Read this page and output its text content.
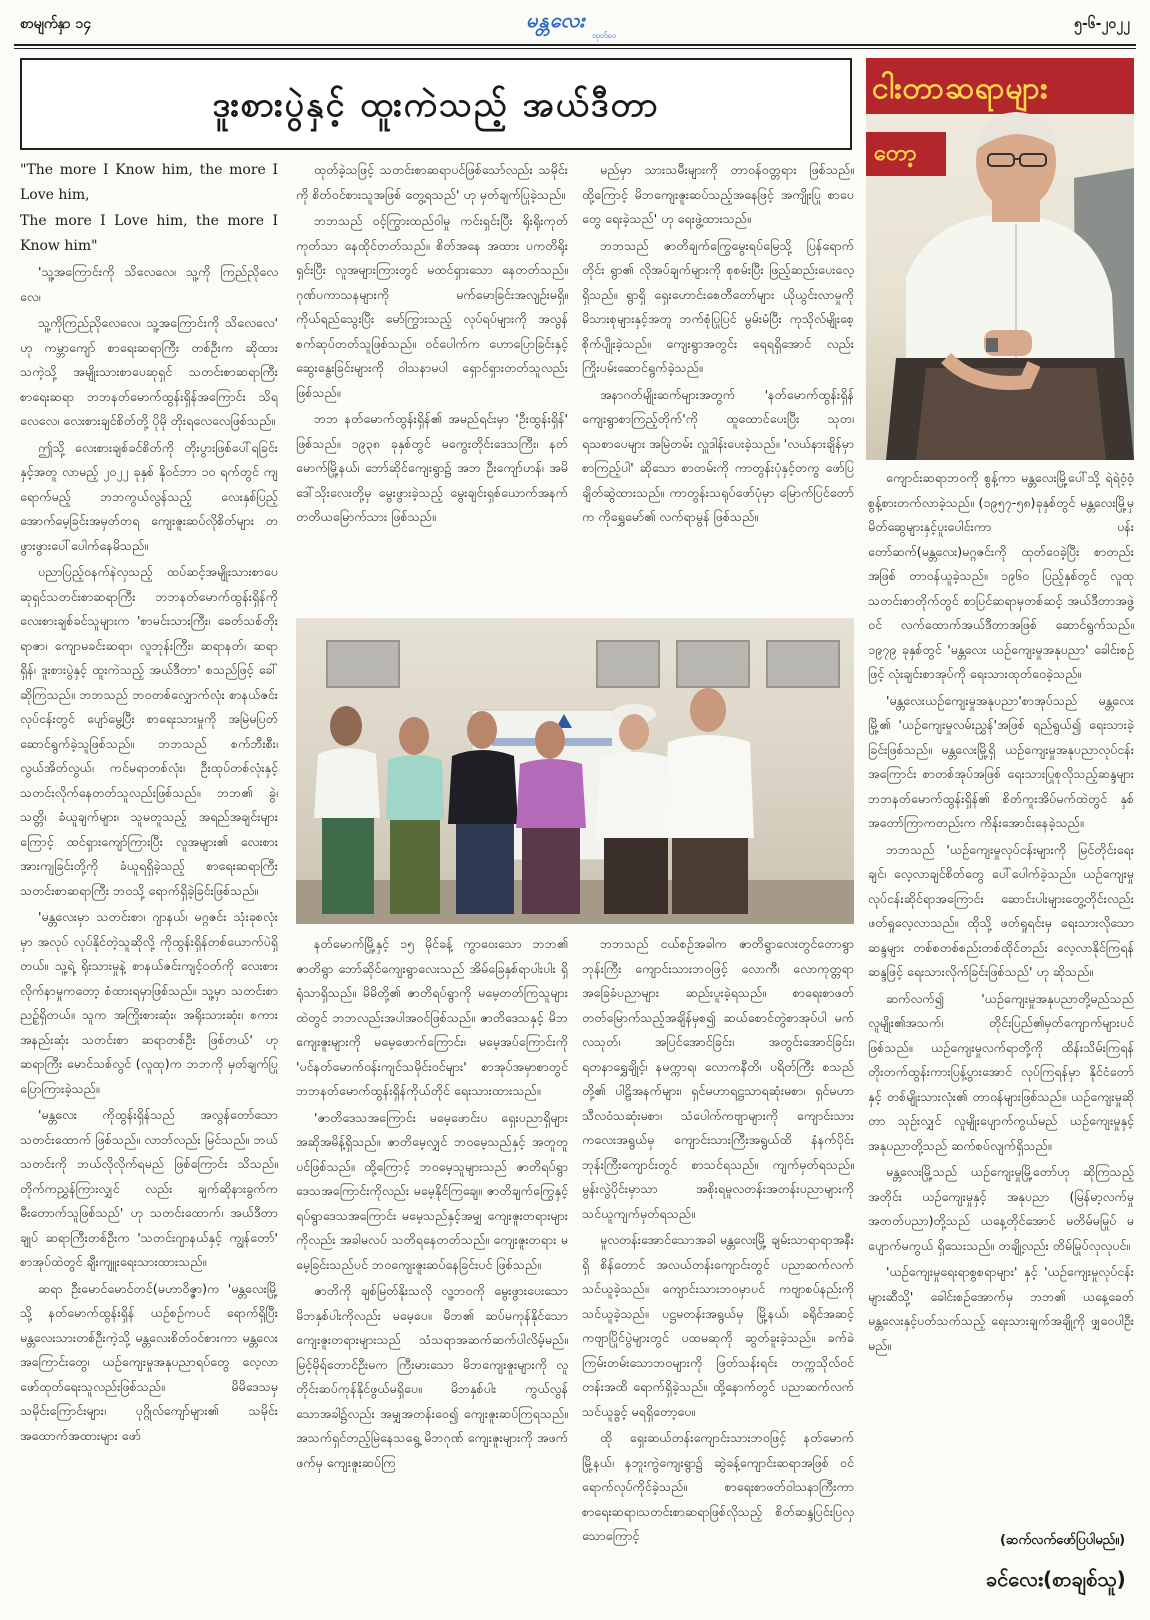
စာမျက်နှာ ၁၄	မန္တလေး
ထုတ်ဝေ
၅-၆-၂၀၂၂
ဒူးစားပွဲနှင့် ထူးကဲသည့် အယ်ဒီတာ	ငါးတာဆရာများ
တော့

"The more I Know him, the more I Love him,

The more I Love him, the more I Know him"

'သူ့အကြောင်းကို သိလေလေ၊ သူ့ကို ကြည်ညိုလေလေ၊

သူ့ကိုကြည်ညိုလေလေ၊ သူ့အကြောင်းကို သိလေလေ' ဟု ကမ္ဘာကျော် စာရေးဆရာကြီး တစ်ဦးက ဆိုထားသကဲ့သို့ အမျိုးသားစာပေဆုရှင် သတင်းစာဆရာကြီးစာရေးဆရာ ဘဘနတ်မောက်ထွန်းရှိန်အကြောင်း သိရလေလေ၊ လေးစားချင်စိတ်တို့ ပိုမို တိုးရလေလေဖြစ်သည်။

ဤသို့ လေးစားချစ်ခင်စိတ်ကို တိုးပွားဖြစ်ပေါ်ရခြင်းနှင့်အတူ လာမည့် ၂၀၂၂ ခုနှစ် နိုဝင်ဘာ ၁၀ ရက်တွင် ကျရောက်မည့် ဘဘကွယ်လွန်သည့် လေးနှစ်ပြည့် အောက်မေ့ခြင်းအမှတ်တရ ကျေးဇူးဆပ်လိုစိတ်များ တဖွားဖွားပေါ်ပေါက်နေမိသည်။

ပညာပြည့်ဝနက်နဲလှသည့် ထပ်ဆင့်အမျိုးသားစာပေဆုရှင်သတင်းစာဆရာကြီး ဘဘနတ်မောက်ထွန်းရှိန်ကို လေးစားချစ်ခင်သူများက 'စာမင်းသားကြီး၊ ခေတ်သစ်တိုးရာဇာ၊ ကျောမခင်းဆရာ၊ လူဘုန်းကြီး၊ ဆရာနတ်၊ ဆရာရှိန်၊ ဒူးစားပွဲနှင့် ထူးကဲသည့် အယ်ဒီတာ' စသည်ဖြင့် ခေါ်ဆိုကြသည်။ ဘဘသည် ဘဝတစ်လျှောက်လုံး စာနယ်ဇင်းလုပ်ငန်းတွင် ပျော်မွေ့ပြီး စာရေးသားမှုကို အမြဲမပြတ် ဆောင်ရွက်ခဲ့သူဖြစ်သည်။ ဘဘသည် စက်ဘီးစီး၊ လွယ်အိတ်လွယ်၊ ကင်မရာတစ်လုံး၊ ဦးထုပ်တစ်လုံးနှင့် သတင်းလိုက်နေတတ်သူလည်းဖြစ်သည်။ ဘဘ၏ ခွဲ၊ သတ္တိ၊ ခံယူချက်များ၊ သူမတူသည့် အရည်အချင်းများကြောင့် ထင်ရှားကျော်ကြားပြီး လူအများ၏ လေးစားအားကျခြင်းတို့ကို ခံယူရရှိခဲ့သည့် စာရေးဆရာကြီးသတင်းစာဆရာကြီး ဘဝသို့ ရောက်ရှိခဲ့ခြင်းဖြစ်သည်။

'မန္တလေးမှာ သတင်းစာ၊ ဂျာနယ်၊ မဂ္ဂဇင်း သုံးခုစလုံးမှာ အလုပ် လုပ်နိုင်တဲ့သူဆိုလို့ ကိုထွန်းရှိန်တစ်ယောက်ပဲရှိတယ်။ သူ့ရဲ့ ရိုးသားမှုနဲ့ စာနယ်ဇင်းကျင့်ဝတ်ကို လေးစားလိုက်နာမှုကတော့ စံထားရမှာဖြစ်သည်။ သူ့မှာ သတင်းစာညဉ့်ရှိတယ်။ သူက အကြိုးစားဆုံး၊ အရိုးသားဆုံး၊ စကားအနည်းဆုံး သတင်းစာ ဆရာတစ်ဦး ဖြစ်တယ်' ဟု ဆရာကြီး မောင်သစ်လွင် (လူထု)က ဘဘကို မှတ်ချက်ပြုပြောကြားခဲ့သည်။

'မန္တလေး ကိုထွန်းရှိန်သည် အလွန်တော်သော သတင်းထောက် ဖြစ်သည်။ လာဘ်လည်း မြင်သည်။ ဘယ်သတင်းကို ဘယ်လိုလိုက်ရမည် ဖြစ်ကြောင်း သိသည်။ တိုက်ကညွှန်ကြားလျှင် လည်း ချက်ဆိုနားခွက်က မီးတောက်သူဖြစ်သည်' ဟု သတင်းထောက်၊ အယ်ဒီတာချုပ် ဆရာကြီးတစ်ဦးက 'သတင်းဂျာနယ်နှင့် ကျွန်တော်' စာအုပ်ထဲတွင် ချီးကျူးရေးသားထားသည်။

ဆရာ ဦးမောင်မောင်တင်(မဟာဝိဇ္ဇာ)က 'မန္တလေးမြို့သို့ နတ်မောက်ထွန်းရှိန် ယဉ်စဉ်ကပင် ရောက်ရှိပြီး မန္တလေးသားတစ်ဦးကဲ့သို့ မန္တလေးစိတ်ဝင်စားကာ မန္တလေးအကြောင်းတွေ၊ ယဉ်ကျေးမှုအနုပညာရပ်တွေ လေ့လာဖော်ထုတ်ရေးသူလည်းဖြစ်သည်။ မိမိဒေသမှ သမိုင်းကြောင်းများ၊ ပုဂ္ဂိုလ်ကျော်များ၏ သမိုင်းအထောက်အထားများ ဖော်

ထုတ်ခဲ့သဖြင့် သတင်းစာဆရာပင်ဖြစ်သော်လည်း သမိုင်းကို စိတ်ဝင်စားသူအဖြစ် တွေ့ရသည်' ဟု မှတ်ချက်ပြုခဲ့သည်။

ဘဘသည် ဝင့်ကြွားထည်ဝါမှု ကင်းရှင်းပြီး ရိုးရိုးကုတ်ကုတ်သာ နေထိုင်တတ်သည်။ စိတ်အနေ အထား ပကတိရိုးရှင်းပြီး လူအများကြားတွင် မထင်ရှားသော နေတတ်သည်။ ဂုဏ်ပကာသနများကို မက်မောခြင်းအလျဉ်းမရှိ။ ကိုယ်ရည်သွေးပြီး မော်ကြွားသည့် လုပ်ရပ်များကို အလွန်စက်ဆုပ်တတ်သူဖြစ်သည်။ ဝင်ပေါက်က ဟောပြောခြင်းနှင့် ဆွေးနွေးခြင်းများကို ဝါသနာမပါ ရှောင်ရှားတတ်သူလည်း ဖြစ်သည်။

ဘဘ နတ်မောက်ထွန်းရှိန်၏ အမည်ရင်းမှာ 'ဦးထွန်းရှိန်' ဖြစ်သည်။ ၁၉၃၈ ခုနှစ်တွင် မကွေးတိုင်းဒေသကြီး၊ နတ်မောက်မြို့နယ်၊ ဘော်ဆိုင်ကျေးရွာ၌ အဘ ဦးကျော်ဟန်၊ အမိ ဒေါ်သိုးလေးတို့မှ မွေးဖွားခဲ့သည့် မွေးချင်းရှစ်ယောက်အနက် တတိယမြောက်သား ဖြစ်သည်။

မည်မှာ သားသမီးများကို တာဝန်ဝတ္တရား ဖြစ်သည်။ ထို့ကြောင့် မိဘကျေးဇူးဆပ်သည့်အနေဖြင့် အကျိုးပြု စာပေတွေ ရေးခဲ့သည်' ဟု ရေးဖွဲ့ထားသည်။

ဘဘသည် ဇာတိချက်ကြွေမွေးရပ်မြေသို့ ပြန်ရောက်တိုင်း ရွာ၏ လိုအပ်ချက်များကို စုစမ်းပြီး ဖြည့်ဆည်းပေးလေ့ရှိသည်။ ရွာရှိ ရှေးဟောင်းစေတီတော်များ ယိုယွင်းလာမှုကို မိသားစုများနှင့်အတူ ဘက်စုံပြုပြင် မွမ်းမံပြီး ကုသိုလ်မျိုးစေ့ စိုက်ပျိုးခဲ့သည်။ ကျေးရွာအတွင်း ရေရရှိအောင် လည်း ကြိုးပမ်းဆောင်ရွက်ခဲ့သည်။

အနာဂတ်မျိုးဆက်များအတွက် 'နတ်မောက်ထွန်းရှိန် ကျေးရွာစာကြည့်တိုက်'ကို ထူထောင်ပေးပြီး သုတ၊ ရသစာပေများ အမြဲတမ်း လှူဒါန်းပေးခဲ့သည်။ 'လယ်နားချိန်မှာ စာကြည့်ပါ' ဆိုသော စာတမ်းကို ကာတွန်းပုံနှင့်တကွ ဖော်ပြချိတ်ဆွဲထားသည်။ ကာတွန်းသရုပ်ဖော်ပုံမှာ မြောက်ပြင်တော်က ကိုရွှေမော်၏ လက်ရာမွန် ဖြစ်သည်။

နတ်မောက်မြို့နှင့် ၁၅ မိုင်ခန့် ကွာဝေးသော ဘဘ၏ ဇာတိရွာ ဘော်ဆိုင်ကျေးရွာလေးသည် အိမ်ခြေနှစ်ရာပါးပါး ရှိရုံသာရှိသည်။ မိမိတို့၏ ဇာတိရပ်ရွာကို မမေ့တတ်ကြသူများထဲတွင် ဘဘလည်းအပါအဝင်ဖြစ်သည်။ ဇာတိဒေသနှင့် မိဘကျေးဇူးများကို မမေ့ဖောက်ကြောင်း၊ မမေ့အပ်ကြောင်းကို 'ပင်နတ်မောက်ဝန်းကျင်သမိုင်းဝင်များ' စာအုပ်အမှာစာတွင် ဘဘနတ်မောက်ထွန်းရှိန်ကိုယ်တိုင် ရေးသားထားသည်။

'ဇာတိဒေသအကြောင်း မမေ့ဖောင်းပ ရှေးပညာရှိများ အဆိုအမိန့်ရှိသည်။ ဇာတိမေ့လျှင် ဘဝမေ့သည်နှင့် အတူတူပင်ဖြစ်သည်။ ထို့ကြောင့် ဘဝမေ့သူများသည် ဇာတိရပ်ရွာဒေသအကြောင်းကိုလည်း မမေ့နိုင်ကြချေ။ ဇာတိချက်ကြွေနှင့် ရပ်ရွာဒေသအကြောင်း မမေ့သည်နှင့်အမျှ ကျေးဇူးတရားများကိုလည်း အခါမလပ် သတိရနေတတ်သည်။ ကျေးဇူးတရား မမေ့ခြင်းသည်ပင် ဘဝကျေးဇူးဆပ်နေခြင်းပင် ဖြစ်သည်။

ဇာတိကို ချစ်မြတ်နိုးသလို လူ့ဘဝကို မွေးဖွားပေးသော မိဘနှစ်ပါးကိုလည်း မမေ့ပေ။ မိဘ၏ ဆပ်မကုန်နိုင်သော ကျေးဇူးတရားများသည် သံသရာအဆက်ဆက်ပါလိမ့်မည်။ မြင့်မိုရ်တောင်ဦးမက ကြီးမားသော မိဘကျေးဇူးများကို လူတိုင်းဆပ်ကုန်နိုင်ဖွယ်မရှိပေ။ မိဘနှစ်ပါး ကွယ်လွန်သောအခါ၌လည်း အမျှအတန်းဝေ၍ ကျေးဇူးဆပ်ကြရသည်။ အသက်ရှင်တည့်မြဲနေသရွေ့ မိဘဂုဏ် ကျေးဇူးများကို အဖက်ဖက်မှ ကျေးဇူးဆပ်ကြ

ဘဘသည် ငယ်စဉ်အခါက ဇာတိရွာလေးတွင်တောရွာဘုန်းကြီး ကျောင်းသားဘဝဖြင့် လောကီ၊ လောကုတ္တရာ အခြေခံပညာများ ဆည်းပူးခဲ့ရသည်။ စာရေးစာဖတ်တတ်မြောက်သည့်အချိန်မှစ၍ ဆယ်စောင်တွဲစာအုပ်ပါ မက်လသုတ်၊ အပြင်အောင်ခြင်း၊ အတွင်းအောင်ခြင်း၊ ရတနာရွှေချိုင့်၊ နမက္ကာရ၊ လောကနီတိ၊ ပရိတ်ကြီး စသည်တို့၏ ပါဠိအနက်များ၊ ရှင်မဟာရဋ္ဌသာရဆုံးမစာ၊ ရှင်မဟာသီလဝံသဆုံးမစာ၊ သံပေါက်ကဗျာများကို ကျောင်းသားကလေးအရွယ်မှ ကျောင်းသားကြီးအရွယ်ထိ နံနက်ပိုင်း ဘုန်းကြီးကျောင်းတွင် စာသင်ရသည်။ ကျက်မှတ်ရသည်။ မွန်းလွဲပိုင်းမှာသာ အစိုးရမူလတန်းအတန်းပညာများကို သင်ယူကျက်မှတ်ရသည်။

မူလတန်းအောင်သောအခါ မန္တလေးမြို့ ချမ်းသာရာရာအနီးရှိ စိန်တောင် အလယ်တန်းကျောင်းတွင် ပညာဆက်လက်သင်ယူခဲ့သည်။ ကျောင်းသားဘဝမှာပင် ကဗျာစပ်နည်းကို သင်ယူခဲ့သည်။ ပဋ္ဌမတန်းအရွယ်မှ မြို့နယ်၊ ခရိုင်အဆင့် ကဗျာပြိုင်ပွဲများတွင် ပထမဆုကို ဆွတ်ခူးခဲ့သည်။ ခက်ခဲကြမ်းတမ်းသောဘဝများကို ဖြတ်သန်းရင်း တက္ကသိုလ်ဝင်တန်းအထိ ရောက်ရှိခဲ့သည်။ ထို့နောက်တွင် ပညာဆက်လက်သင်ယူခွင့် မရရှိတော့ပေ။

ထို ရှေးဆယ်တန်းကျောင်းသားဘဝဖြင့် နတ်မောက်မြို့နယ်၊ နဘူးကွဲကျေးရွာ၌ ဆွဲခန့်ကျောင်းဆရာအဖြစ် ဝင်ရောက်လုပ်ကိုင်ခဲ့သည်။ စာရေးစာဖတ်ဝါသနာကြီးကာ စာရေးဆရာ၊သတင်းစာဆရာဖြစ်လိုသည့် စိတ်ဆန္ဒပြင်းပြလှသောကြောင့်

ကျောင်းဆရာဘဝကို စွန့်ကာ မန္တလေးမြို့ပေါ်သို့ ရဲရဲဝံ့ဝံ့စွန့်စားတက်လာခဲ့သည်။ (၁၉၅၇-၅၈)ခုနှစ်တွင် မန္တလေးမြို့မှ မိတ်ဆွေများနှင့်ပူးပေါင်းကာ ပန်းတော်ဆက်(မန္တလေး)မဂ္ဂဇင်းကို ထုတ်ဝေခဲ့ပြီး စာတည်းအဖြစ် တာဝန်ယူခဲ့သည်။ ၁၉၆၀ ပြည့်နှစ်တွင် လူထုသတင်းစာတိုက်တွင် စာပြင်ဆရာမှတစ်ဆင့် အယ်ဒီတာအဖွဲ့ဝင် လက်ထောက်အယ်ဒီတာအဖြစ် ဆောင်ရွက်သည်။ ၁၉၇၉ ခုနှစ်တွင် 'မန္တလေး ယဉ်ကျေးမှုအနုပညာ' ခေါင်းစဉ်ဖြင့် လုံးချင်းစာအုပ်ကို ရေးသားထုတ်ဝေခဲ့သည်။

'မန္တလေးယဉ်ကျေးမှုအနုပညာ'စာအုပ်သည် မန္တလေးမြို့၏ 'ယဉ်ကျေးမှုလမ်းညွှန်'အဖြစ် ရည်ရွယ်၍ ရေးသားခဲ့ခြင်းဖြစ်သည်။ မန္တလေးမြို့ရှိ ယဉ်ကျေးမှုအနုပညာလုပ်ငန်းအကြောင်း စာတစ်အုပ်အဖြစ် ရေးသားပြုစုလိုသည့်ဆန္ဒများ ဘဘနတ်မောက်ထွန်းရှိန်၏ စိတ်ကူးအိပ်မက်ထဲတွင် နှစ်အတော်ကြာကတည်းက ကိန်းအောင်းနေခဲ့သည်။

ဘဘသည် 'ယဉ်ကျေးမှုလုပ်ငန်းများကို မြင်တိုင်းရေးချင်၊ လေ့လာချင်စိတ်တွေ ပေါ်ပေါက်ခဲ့သည်။ ယဉ်ကျေးမှုလုပ်ငန်းဆိုင်ရာအကြောင်း ဆောင်းပါးများတွေ့တိုင်းလည်း ဖတ်ရှုလေ့လာသည်။ ထိုသို့ ဖတ်ရှုရင်းမှ ရေးသားလိုသော ဆန္ဒများ တစ်စတစ်စည်းတစ်ထိုင်တည်း လေ့လာနိုင်ကြရန် ဆန္ဒဖြင့် ရေးသားလိုက်ခြင်းဖြစ်သည်' ဟု ဆိုသည်။

ဆက်လက်၍ 'ယဉ်ကျေးမှုအနုပညာတို့မည်သည် လူမျိုး၏အသက်၊ တိုင်းပြည်၏မှတ်ကျောက်များပင်ဖြစ်သည်။ ယဉ်ကျေးမှုလက်ရာတို့ကို ထိန်းသိမ်းကြရန် တိုးတက်ထွန်းကားပြန့်ပွားအောင် လုပ်ကြရန်မှာ နိုင်ငံတော်နှင့် တစ်မျိုးသားလုံး၏ တာဝန်များဖြစ်သည်။ ယဉ်ကျေးမှုဆိုတာ သုဉ်းလျှင် လူမျိုးပျောက်ကွယ်မည် ယဉ်ကျေးမှုနှင့် အနုပညာတို့သည် ဆက်စပ်လျက်ရှိသည်။

မန္တလေးမြို့သည် ယဉ်ကျေးမှုမြို့တော်ဟု ဆိုကြသည့်အတိုင်း ယဉ်ကျေးမှုနှင့် အနုပညာ (မြန်မာ့လက်မှုအတတ်ပညာ)တို့သည် ယနေ့တိုင်အောင် မတိမ်မမြုပ် မပျောက်မကွယ် ရှိသေးသည်။ တချို့လည်း တိမ်မြုပ်လုလုပင်။

'ယဉ်ကျေးမှုရေးရာစွစရာများ' နှင့် 'ယဉ်ကျေးမှုလုပ်ငန်းများဆီသို့' ခေါင်းစဉ်အောက်မှ ဘဘ၏ ယနေ့ခေတ် မန္တလေးနှင့်ပတ်သက်သည့် ရေးသားချက်အချို့ကို ဖျှဝေပါဦးမည်။

(ဆက်လက်ဖော်ပြပါမည်။)
ခင်လေး(စာချစ်သူ)
